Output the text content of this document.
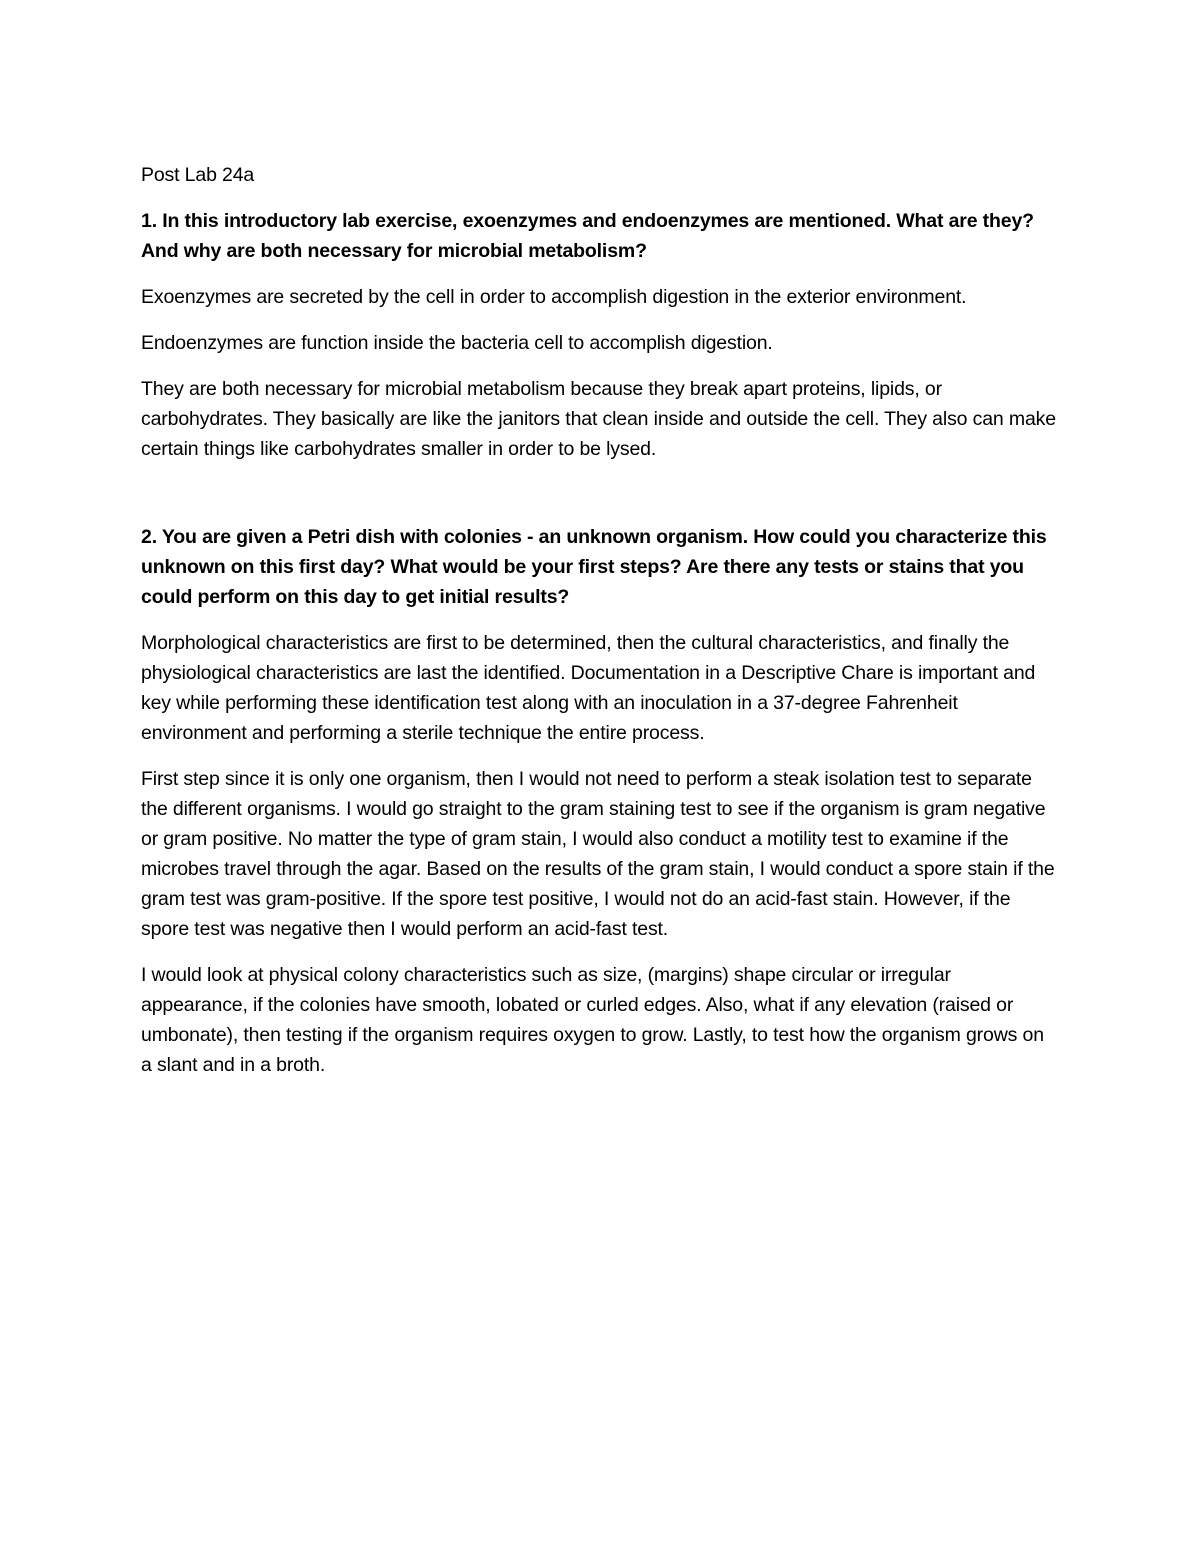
Post Lab 24a

1. In this introductory lab exercise, exoenzymes and endoenzymes are mentioned. What are they? And why are both necessary for microbial metabolism?

Exoenzymes are secreted by the cell in order to accomplish digestion in the exterior environment.

Endoenzymes are function inside the bacteria cell to accomplish digestion.

They are both necessary for microbial metabolism because they break apart proteins, lipids, or carbohydrates. They basically are like the janitors that clean inside and outside the cell. They also can make certain things like carbohydrates smaller in order to be lysed.

2. You are given a Petri dish with colonies - an unknown organism. How could you characterize this unknown on this first day? What would be your first steps? Are there any tests or stains that you could perform on this day to get initial results?

Morphological characteristics are first to be determined, then the cultural characteristics, and finally the physiological characteristics are last the identified. Documentation in a Descriptive Chare is important and key while performing these identification test along with an inoculation in a 37-degree Fahrenheit environment and performing a sterile technique the entire process.

First step since it is only one organism, then I would not need to perform a steak isolation test to separate the different organisms. I would go straight to the gram staining test to see if the organism is gram negative or gram positive. No matter the type of gram stain, I would also conduct a motility test to examine if the microbes travel through the agar. Based on the results of the gram stain, I would conduct a spore stain if the gram test was gram-positive. If the spore test positive, I would not do an acid-fast stain. However, if the spore test was negative then I would perform an acid-fast test.

I would look at physical colony characteristics such as size, (margins) shape circular or irregular appearance, if the colonies have smooth, lobated or curled edges. Also, what if any elevation (raised or umbonate), then testing if the organism requires oxygen to grow. Lastly, to test how the organism grows on a slant and in a broth.
